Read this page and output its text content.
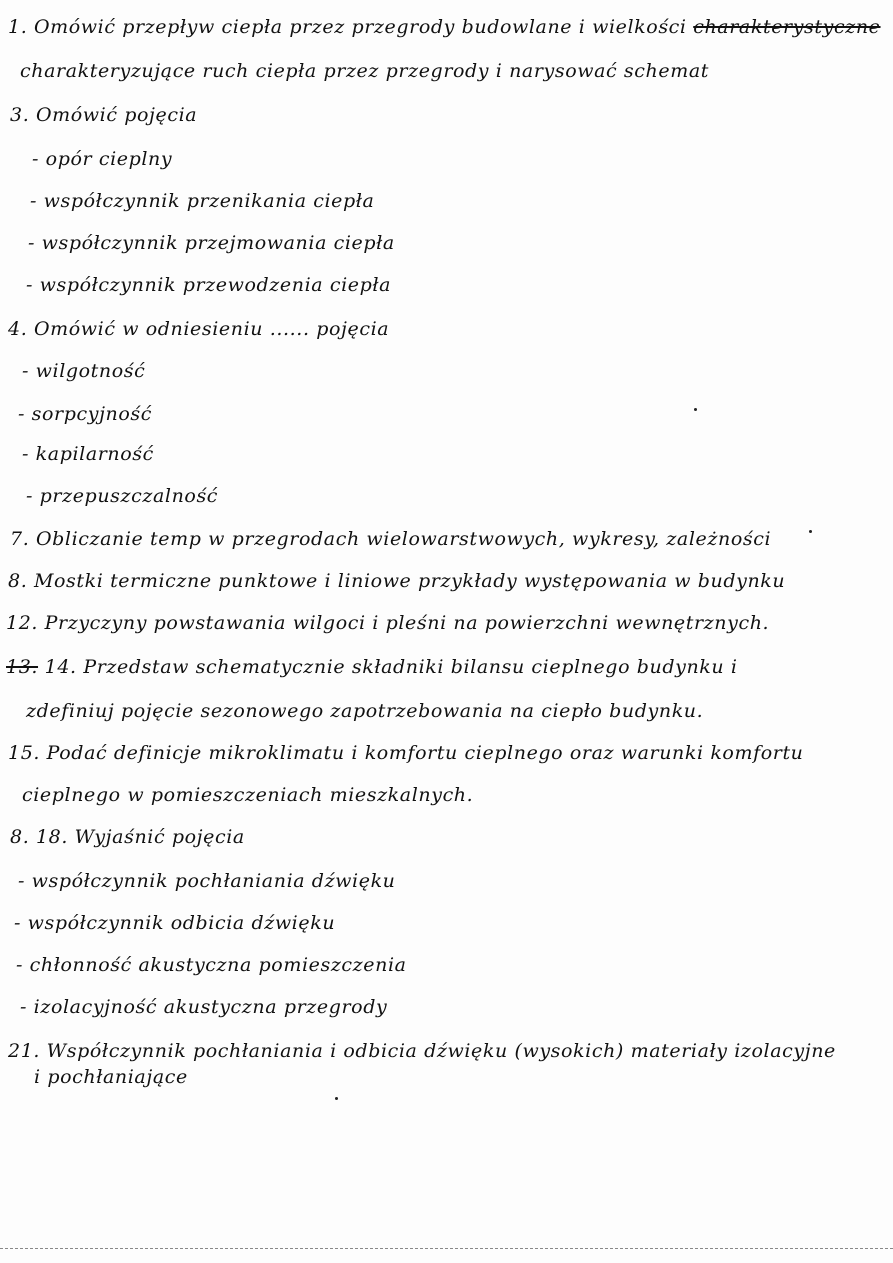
1. Omówić przepływ ciepła przez przegrody budowlane i wielkości charakterystyczne
charakteryzujące ruch ciepła przez przegrody i narysować schemat
3. Omówić pojęcia
- opór cieplny
- współczynnik przenikania ciepła
- współczynnik przejmowania ciepła
- współczynnik przewodzenia ciepła
4. Omówić w odniesieniu ...... pojęcia
- wilgotność
- sorpcyjność
- kapilarność
- przepuszczalność
7. Obliczanie temp w przegrodach wielowarstwowych, wykresy, zależności
8. Mostki termiczne punktowe i liniowe przykłady występowania w budynku
12. Przyczyny powstawania wilgoci i pleśni na powierzchni wewnętrznych.
13. 14. Przedstaw schematycznie składniki bilansu cieplnego budynku i
zdefiniuj pojęcie sezonowego zapotrzebowania na ciepło budynku.
15. Podać definicje mikroklimatu i komfortu cieplnego oraz warunki komfortu
cieplnego w pomieszczeniach mieszkalnych.
8. 18. Wyjaśnić pojęcia
- współczynnik pochłaniania dźwięku
- współczynnik odbicia dźwięku
- chłonność akustyczna pomieszczenia
- izolacyjność akustyczna przegrody
21. Współczynnik pochłaniania i odbicia dźwięku (wysokich) materiały izolacyjne
i pochłaniające
